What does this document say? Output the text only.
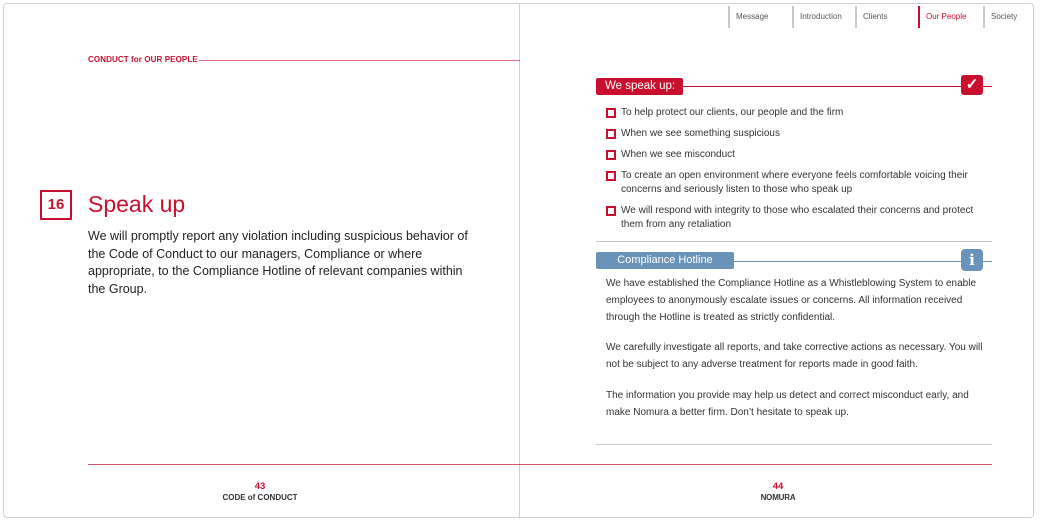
Message	Introduction	Clients	Our People	Society
CONDUCT for OUR PEOPLE
16	Speak up
We will promptly report any violation including suspicious behavior of the Code of Conduct to our managers, Compliance or where appropriate, to the Compliance Hotline of relevant companies within the Group.
We speak up:	✓
To help protect our clients, our people and the firm
When we see something suspicious
When we see misconduct
To create an open environment where everyone feels comfortable voicing their concerns and seriously listen to those who speak up
We will respond with integrity to those who escalated their concerns and protect them from any retaliation
Compliance Hotline	i
We have established the Compliance Hotline as a Whistleblowing System to enable employees to anonymously escalate issues or concerns. All information received through the Hotline is treated as strictly confidential.
We carefully investigate all reports, and take corrective actions as necessary. You will not be subject to any adverse treatment for reports made in good faith.
The information you provide may help us detect and correct misconduct early, and make Nomura a better firm. Don’t hesitate to speak up.
43
CODE of CONDUCT
44
NOMURA
